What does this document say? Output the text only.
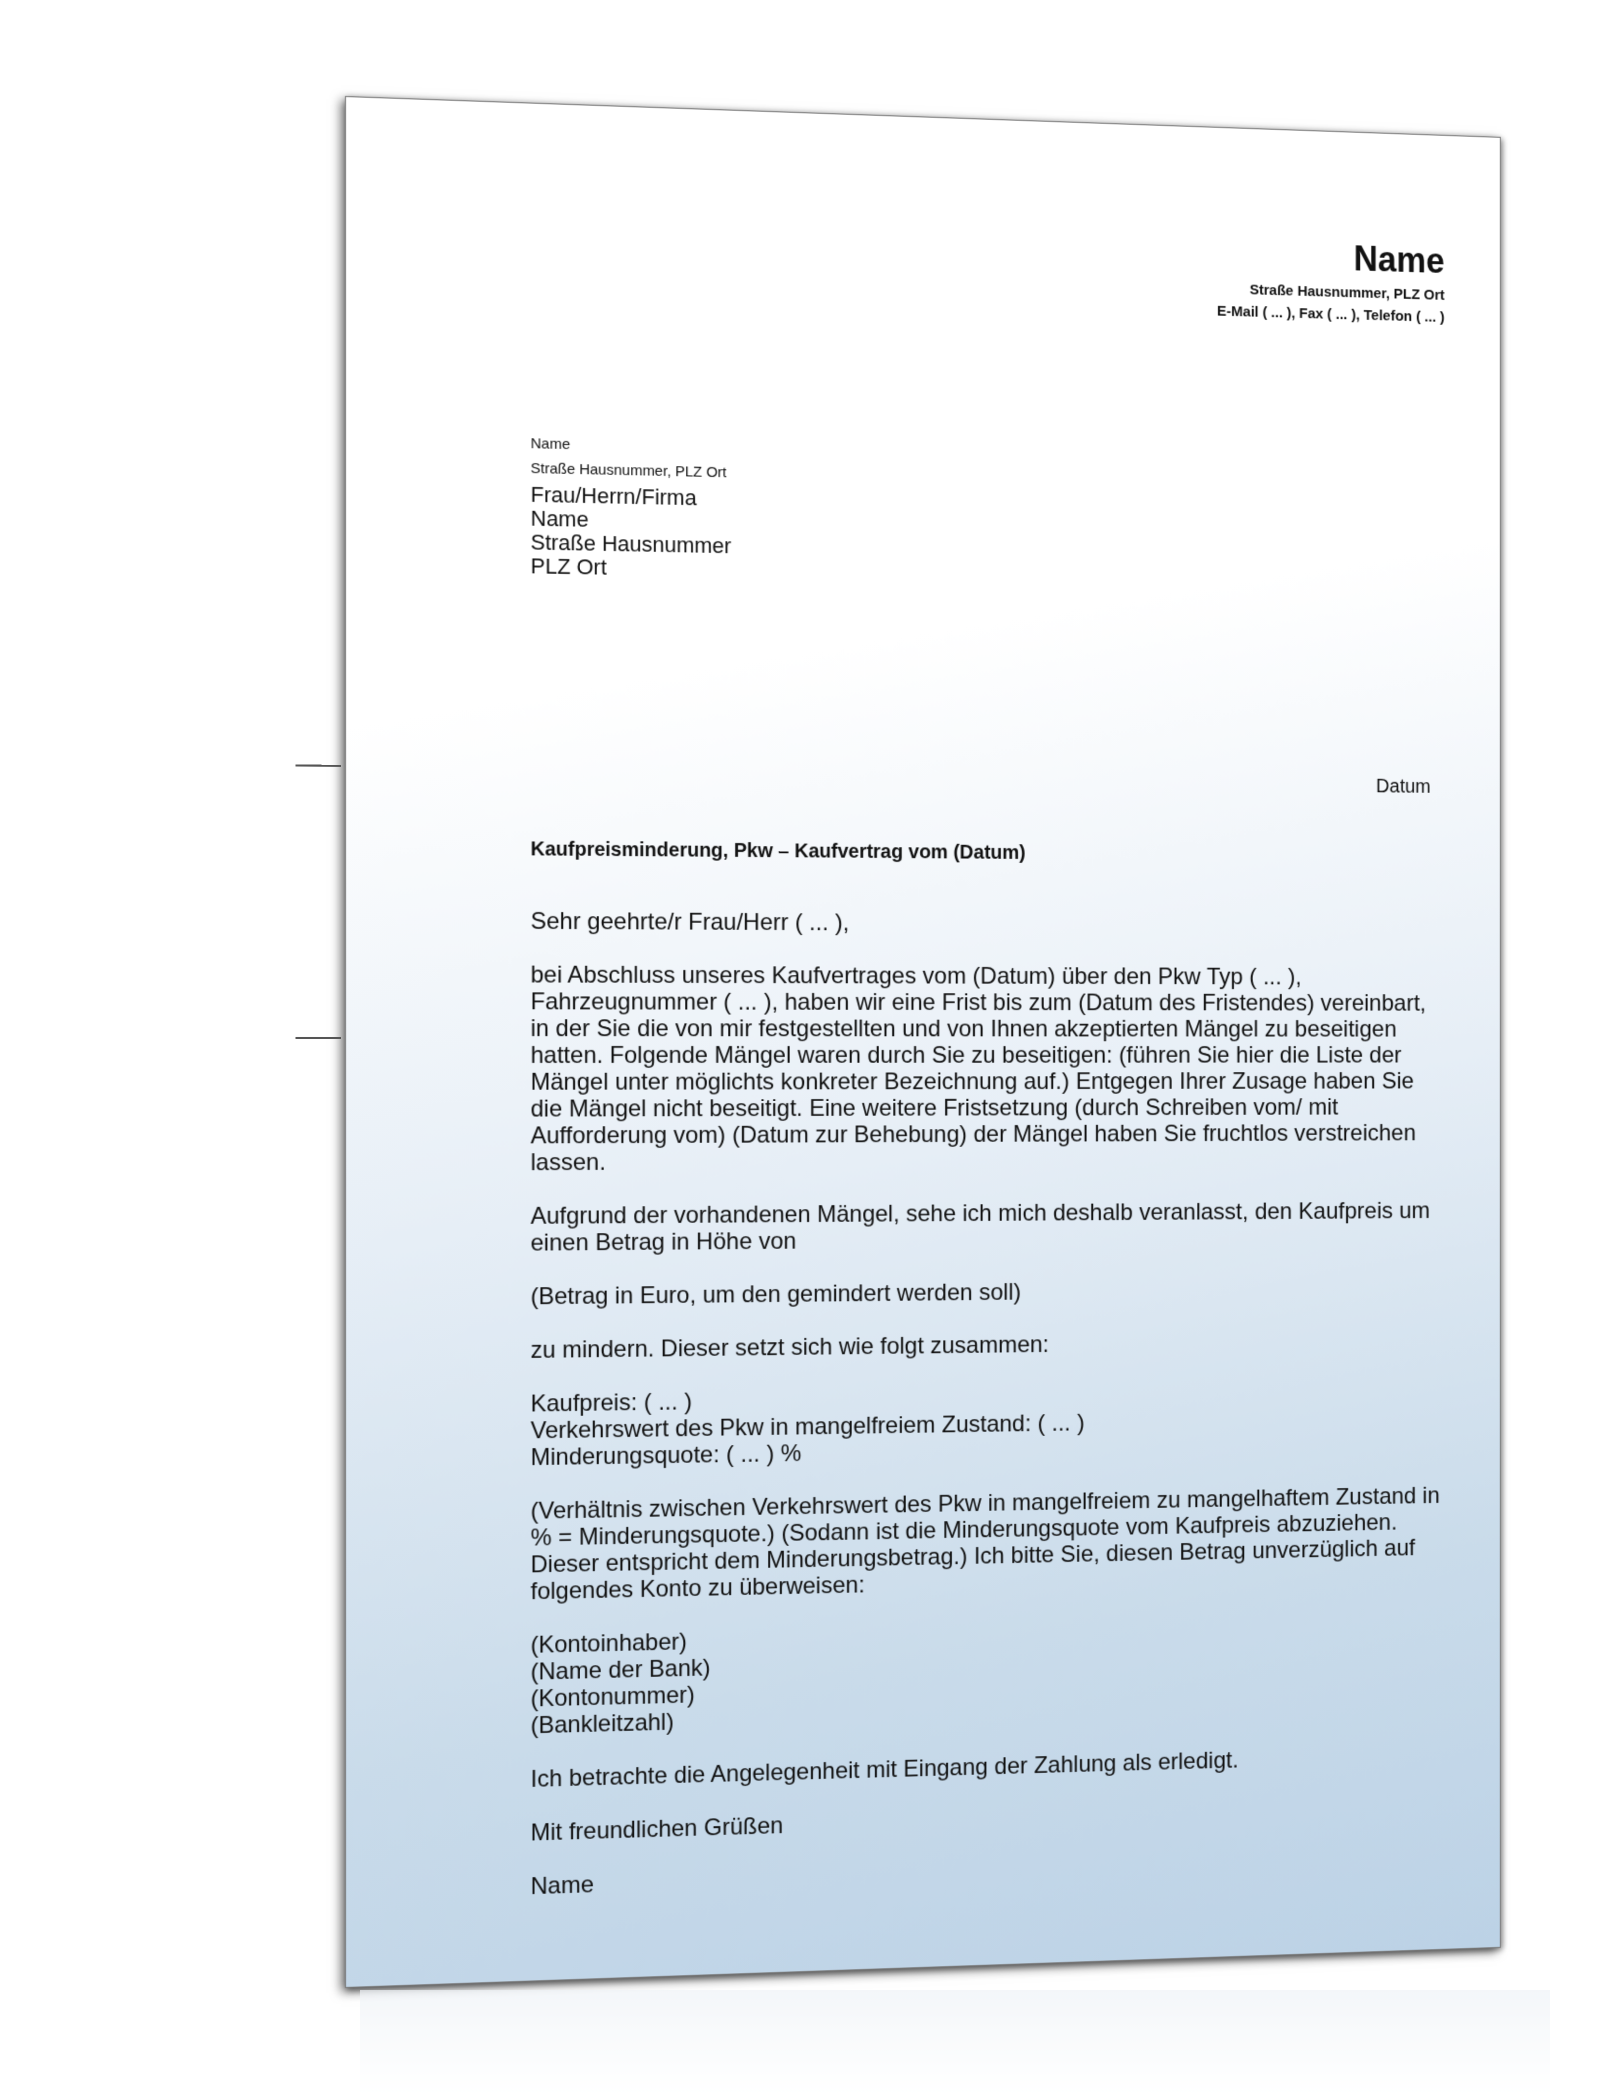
Name
Straße Hausnummer, PLZ Ort
E-Mail ( ... ), Fax ( ... ), Telefon ( ... )
Name
Straße Hausnummer, PLZ Ort
Frau/Herrn/Firma
Name
Straße Hausnummer
PLZ Ort
Datum
Kaufpreisminderung, Pkw – Kaufvertrag vom (Datum)

Sehr geehrte/r Frau/Herr ( ... ),

bei Abschluss unseres Kaufvertrages vom (Datum) über den Pkw Typ ( ... ), Fahrzeugnummer ( ... ), haben wir eine Frist bis zum (Datum des Fristendes) vereinbart, in der Sie die von mir festgestellten und von Ihnen akzeptierten Mängel zu beseitigen hatten. Folgende Mängel waren durch Sie zu beseitigen: (führen Sie hier die Liste der Mängel unter möglichts konkreter Bezeichnung auf.) Entgegen Ihrer Zusage haben Sie die Mängel nicht beseitigt. Eine weitere Fristsetzung (durch Schreiben vom/ mit Aufforderung vom) (Datum zur Behebung) der Mängel haben Sie fruchtlos verstreichen lassen.

Aufgrund der vorhandenen Mängel, sehe ich mich deshalb veranlasst, den Kaufpreis um einen Betrag in Höhe von

(Betrag in Euro, um den gemindert werden soll)

zu mindern. Dieser setzt sich wie folgt zusammen:

Kaufpreis: ( ... )
Verkehrswert des Pkw in mangelfreiem Zustand: ( ... )
Minderungsquote: ( ... ) %

(Verhältnis zwischen Verkehrswert des Pkw in mangelfreiem zu mangelhaftem Zustand in % = Minderungsquote.) (Sodann ist die Minderungsquote vom Kaufpreis abzuziehen. Dieser entspricht dem Minderungsbetrag.) Ich bitte Sie, diesen Betrag unverzüglich auf folgendes Konto zu überweisen:

(Kontoinhaber)
(Name der Bank)
(Kontonummer)
(Bankleitzahl)

Ich betrachte die Angelegenheit mit Eingang der Zahlung als erledigt.

Mit freundlichen Grüßen

Name
